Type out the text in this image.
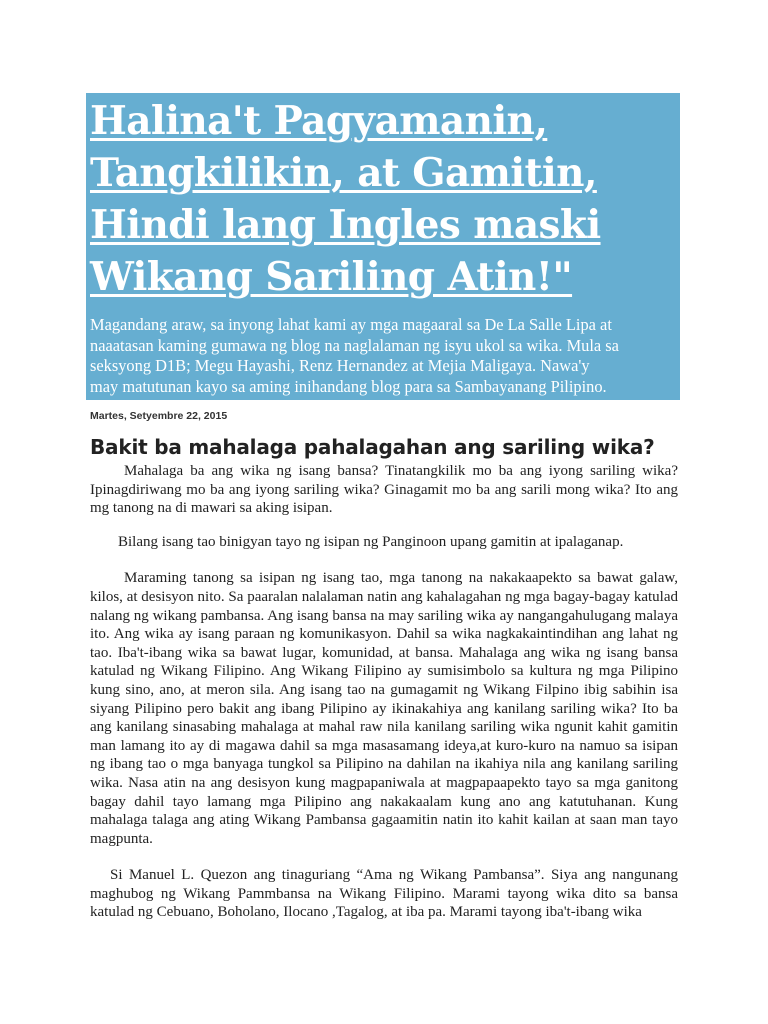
Halina't Pagyamanin,
Tangkilikin, at Gamitin,
Hindi lang Ingles maski
Wikang Sariling Atin!"

Magandang araw, sa inyong lahat kami ay mga magaaral sa De La Salle Lipa at
naaatasan kaming gumawa ng blog na naglalaman ng isyu ukol sa wika. Mula sa
seksyong D1B; Megu Hayashi, Renz Hernandez at Mejia Maligaya. Nawa'y
may matutunan kayo sa aming inihandang blog para sa Sambayanang Pilipino.

Martes, Setyembre 22, 2015
Bakit ba mahalaga pahalagahan ang sariling wika?

Mahalaga ba ang wika ng isang bansa? Tinatangkilik mo ba ang iyong sariling wika? Ipinagdiriwang mo ba ang iyong sariling wika? Ginagamit mo ba ang sarili mong wika? Ito ang mg tanong na di mawari sa aking isipan.

Bilang isang tao binigyan tayo ng isipan ng Panginoon upang gamitin at ipalaganap.

Maraming tanong sa isipan ng isang tao, mga tanong na nakakaapekto sa bawat galaw, kilos, at desisyon nito. Sa paaralan nalalaman natin ang kahalagahan ng mga bagay-bagay katulad nalang ng wikang pambansa. Ang isang bansa na may sariling wika ay nangangahulugang malaya ito. Ang wika ay isang paraan ng komunikasyon. Dahil sa wika nagkakaintindihan ang lahat ng tao. Iba't-ibang wika sa bawat lugar, komunidad, at bansa. Mahalaga ang wika ng isang bansa katulad ng Wikang Filipino. Ang Wikang Filipino ay sumisimbolo sa kultura ng mga Pilipino kung sino, ano, at meron sila. Ang isang tao na gumagamit ng Wikang Filpino ibig sabihin isa siyang Pilipino pero bakit ang ibang Pilipino ay ikinakahiya ang kanilang sariling wika? Ito ba ang kanilang sinasabing mahalaga at mahal raw nila kanilang sariling wika ngunit kahit gamitin man lamang ito ay di magawa dahil sa mga masasamang ideya,at kuro-kuro na namuo sa isipan ng ibang tao o mga banyaga tungkol sa Pilipino na dahilan na ikahiya nila ang kanilang sariling wika. Nasa atin na ang desisyon kung magpapaniwala at magpapaapekto tayo sa mga ganitong bagay dahil tayo lamang mga Pilipino ang nakakaalam kung ano ang katutuhanan. Kung mahalaga talaga ang ating Wikang Pambansa gagaamitin natin ito kahit kailan at saan man tayo magpunta.

Si Manuel L. Quezon ang tinaguriang “Ama ng Wikang Pambansa”. Siya ang nangunang maghubog ng Wikang Pammbansa na Wikang Filipino. Marami tayong wika dito sa bansa katulad ng Cebuano, Boholano, Ilocano ,Tagalog, at iba pa. Marami tayong iba't-ibang wika
